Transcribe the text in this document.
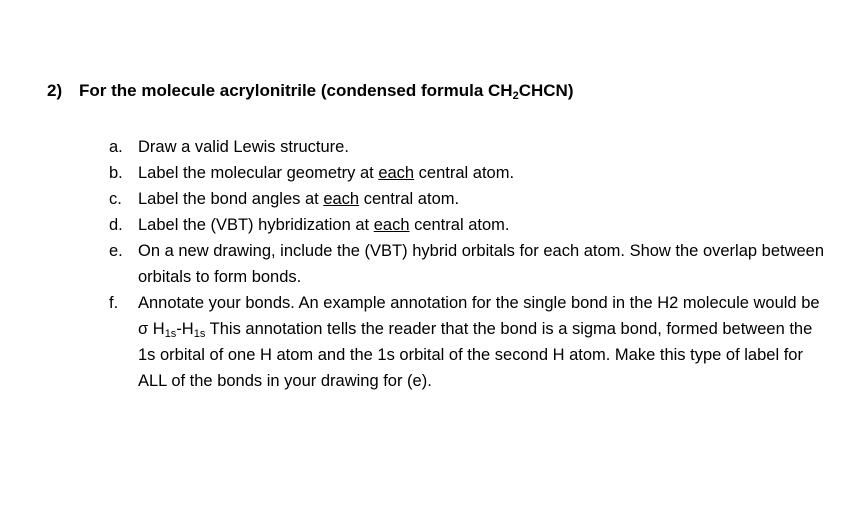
2) For the molecule acrylonitrile (condensed formula $CH_2CHCN$)
a. Draw a valid Lewis structure.
b. Label the molecular geometry at each central atom.
c. Label the bond angles at each central atom.
d. Label the (VBT) hybridization at each central atom.
e. On a new drawing, include the (VBT) hybrid orbitals for each atom. Show the overlap between orbitals to form bonds.
f.	Annotate your bonds. An example annotation for the single bond in the H2 molecule would be σ $H_{1s}-H_{1s}$ This annotation tells the reader that the bond is a sigma bond, formed between the 1s orbital of one H atom and the 1s orbital of the second H atom. Make this type of label for ALL of the bonds in your drawing for (e).
